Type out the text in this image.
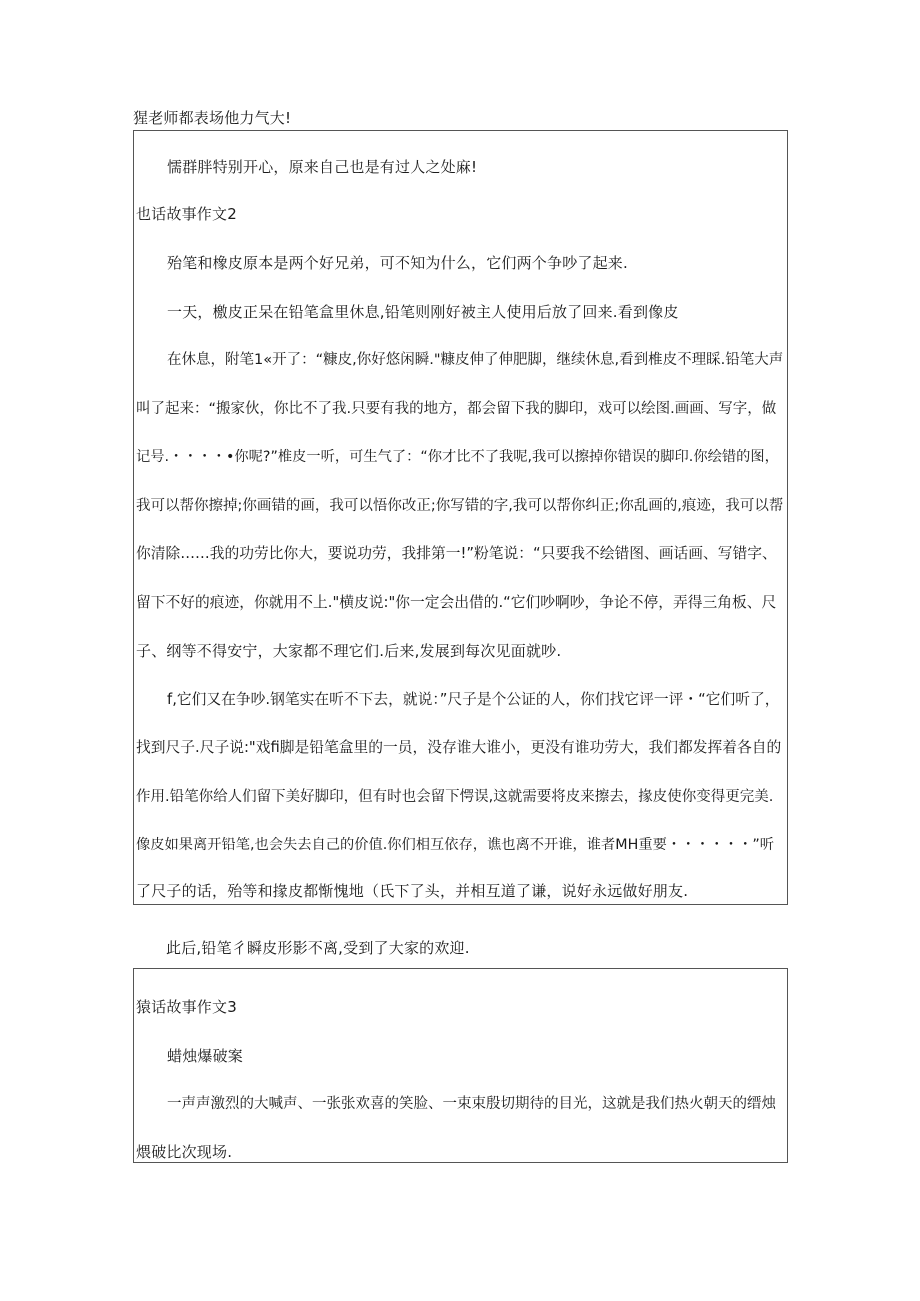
猩老师都表场他力气大!
懦群胖特别开心，原来自己也是有过人之处麻!
也话故事作文2
殆笔和橡皮原本是两个好兄弟，可不知为什么，它们两个争吵了起来.
一天，檄皮正呆在铅笔盒里休息,铅笔则刚好被主人使用后放了回来.看到像皮
在休息，附笔1«开了：“糠皮,你好悠闲瞬."糠皮伸了伸肥脚，继续休息,看到椎皮不理睬.铅笔大声
叫了起来：“搬家伙，你比不了我.只要有我的地方，都会留下我的脚印，戏可以绘图.画画、写字，做
记号.・・・・•你呢?”椎皮一听，可生气了：“你才比不了我呢,我可以擦掉你错误的脚印.你绘错的图，
我可以帮你擦掉;你画错的画，我可以悟你改正;你写错的字,我可以帮你纠正;你乱画的,痕迹，我可以帮
你清除……我的功劳比你大，要说功劳，我排第一!”粉笔说：“只要我不绘错图、画话画、写错字、
留下不好的痕迹，你就用不上."横皮说:"你一定会出借的.“它们吵啊吵，争论不停，弄得三角板、尺
子、纲等不得安宁，大家都不理它们.后来,发展到每次见面就吵.
f,它们又在争吵.钢笔实在听不下去，就说：”尺子是个公证的人，你们找它评一评・“它们听了，
找到尺子.尺子说:"戏fi脚是铅笔盒里的一员，没存谁大谁小，更没有谁功劳大，我们都发挥着各自的
作用.铅笔你给人们留下美好脚印，但有时也会留下愕误,这就需要将皮来擦去，掾皮使你变得更完美.
像皮如果离开铅笔,也会失去自己的价值.你们相互依存，谯也离不开谁，谁者MH重要・・・・・・”听
了尺子的话，殆等和掾皮都惭愧地（氏下了头，并相互道了谦，说好永远做好朋友.
此后,铅笔彳瞬皮形影不离,受到了大家的欢迎.
猿话故事作文3
蜡烛爆破案
一声声激烈的大喊声、一张张欢喜的笑脸、一束束殷切期待的目光，这就是我们热火朝天的缙烛
煨破比次现场.
